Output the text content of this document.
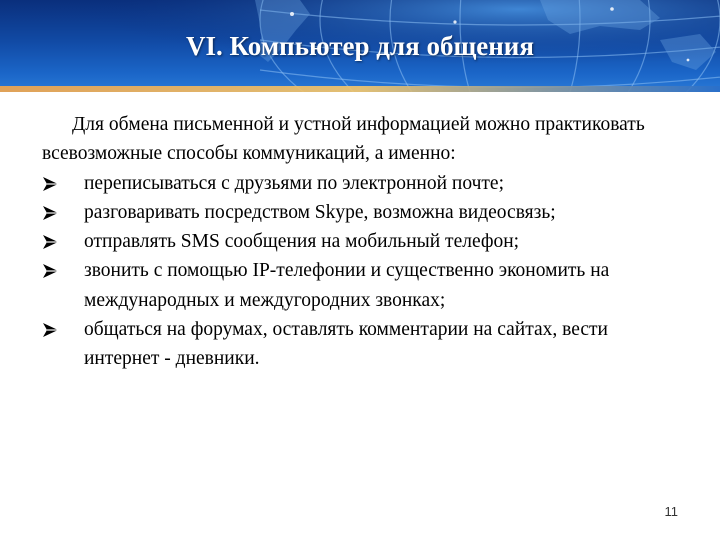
VI. Компьютер для общения

Для обмена письменной и устной информацией можно практиковать всевозможные способы коммуникаций, а именно:

переписываться с друзьями по электронной почте;
разговаривать посредством Skype, возможна видеосвязь;
отправлять SMS сообщения на мобильный телефон;
звонить с помощью IP-телефонии и существенно экономить на международных и междугородних звонках;
общаться на форумах, оставлять комментарии на сайтах, вести интернет - дневники.
11
